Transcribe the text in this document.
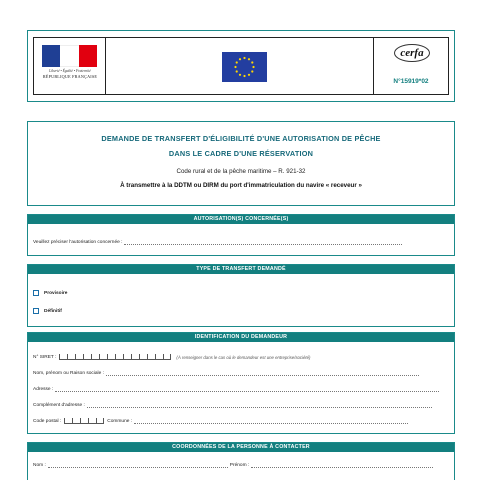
Liberté • Égalité • Fraternité
RÉPUBLIQUE FRANÇAISE
cerfa
N°15919*02
DEMANDE DE TRANSFERT D'ÉLIGIBILITÉ D'UNE AUTORISATION DE PÊCHE
DANS LE CADRE D'UNE RÉSERVATION
Code rural et de la pêche maritime – R. 921-32
À transmettre à la DDTM ou DIRM du port d'immatriculation du navire « receveur »
AUTORISATION(S) CONCERNÉE(S)
Veuillez préciser l'autorisation concernée :
TYPE DE TRANSFERT DEMANDÉ
Provisoire
Définitif
IDENTIFICATION DU DEMANDEUR
N° SIRET :	(À renseigner dans le cas où le demandeur est une entreprise/société)
Nom, prénom ou Raison sociale :
Adresse :
Complément d'adresse :
Code postal :	Commune :
COORDONNÉES DE LA PERSONNE À CONTACTER
Nom :	Prénom :
